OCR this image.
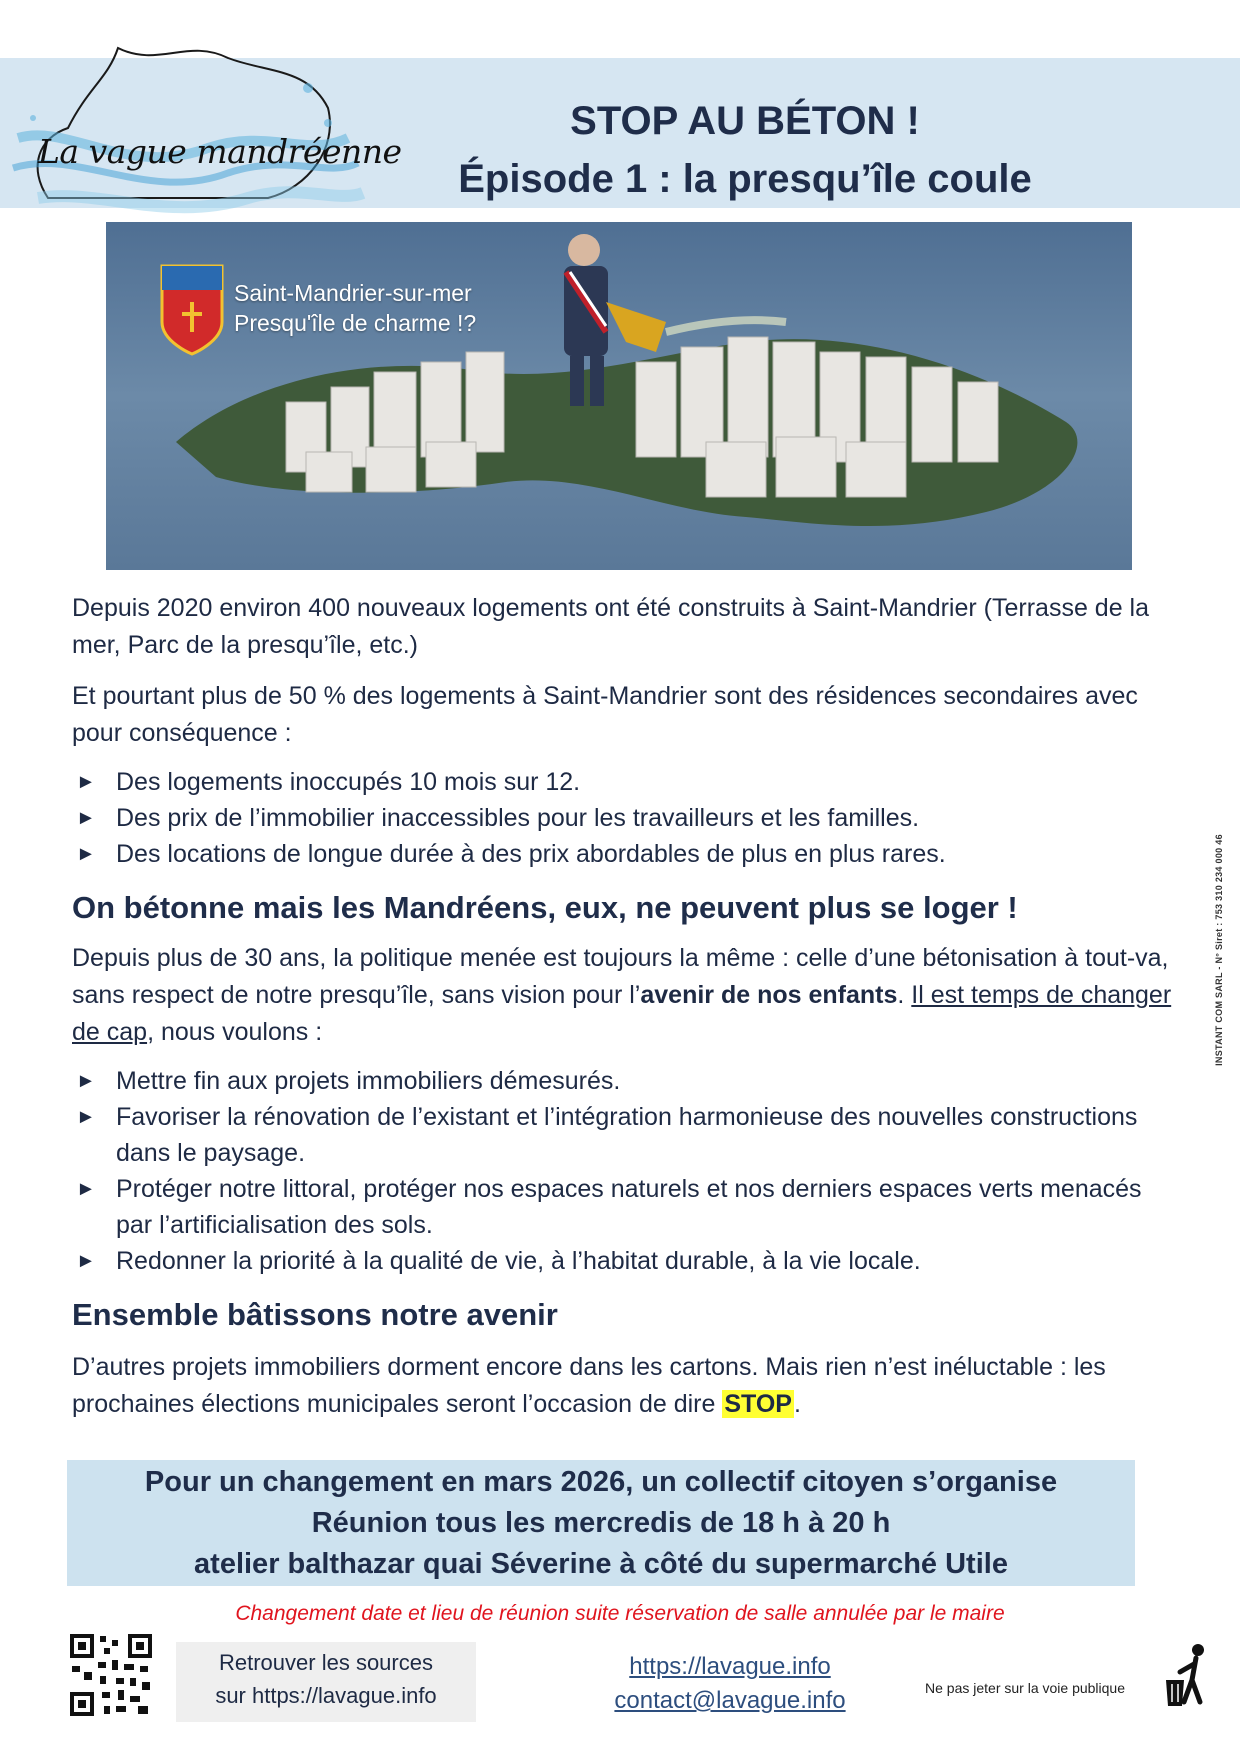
La vague mandréenne
STOP AU BÉTON !
Épisode 1 : la presqu’île coule
Saint-Mandrier-sur-mer
Presqu'île de charme !?
INSTANT COM SARL - N° Siret : 753 310 234 000 46

Depuis 2020 environ 400 nouveaux logements ont été construits à Saint-Mandrier (Terrasse de la mer, Parc de la presqu’île, etc.)

Et pourtant plus de 50 % des logements à Saint-Mandrier sont des résidences secondaires avec pour conséquence :

► Des logements inoccupés 10 mois sur 12.
► Des prix de l’immobilier inaccessibles pour les travailleurs et les familles.
► Des locations de longue durée à des prix abordables de plus en plus rares.
On bétonne mais les Mandréens, eux, ne peuvent plus se loger !

Depuis plus de 30 ans, la politique menée est toujours la même : celle d’une bétonisation à tout-va, sans respect de notre presqu’île, sans vision pour l’avenir de nos enfants. Il est temps de changer de cap, nous voulons :

► Mettre fin aux projets immobiliers démesurés.
► Favoriser la rénovation de l’existant et l’intégration harmonieuse des nouvelles constructions dans le paysage.
► Protéger notre littoral, protéger nos espaces naturels et nos derniers espaces verts menacés par l’artificialisation des sols.
► Redonner la priorité à la qualité de vie, à l’habitat durable, à la vie locale.
Ensemble bâtissons notre avenir

D’autres projets immobiliers dorment encore dans les cartons. Mais rien n’est inéluctable : les prochaines élections municipales seront l’occasion de dire STOP.

Pour un changement en mars 2026, un collectif citoyen s’organise
Réunion tous les mercredis de 18 h à 20 h
atelier balthazar quai Séverine à côté du supermarché Utile
Changement date et lieu de réunion suite réservation de salle annulée par le maire
Retrouver les sources
sur https://lavague.info
https://lavague.info
contact@lavague.info	Ne pas jeter sur la voie publique
